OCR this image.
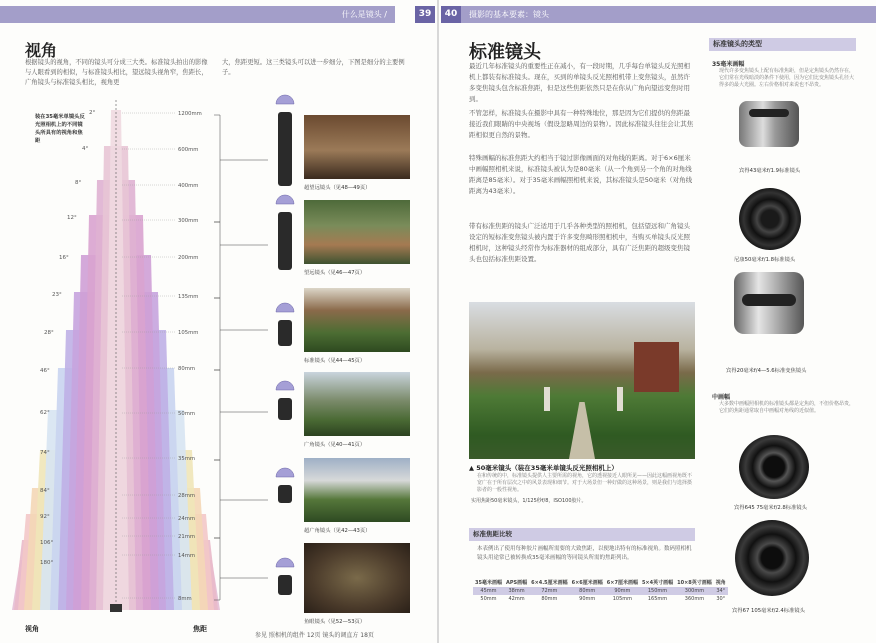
什么是镜头 /	39
视角
根据镜头的视角，不同的镜头可分成三大类。标准镜头拍出的影像与人眼看到的相似，与标准镜头相比，望远镜头视角窄，焦距长，广角镜头与标准镜头相比，视角更
大，焦距更短。这三类镜头可以进一步细分，下图是细分的主要例子。
装在35毫米单镜头反光照相机上的不同镜头所具有的视角和焦距
2°
4°
8°
12°
16°
23°
28°
46°
62°
74°
84°
92°
106°
180°
1200mm
600mm
400mm
300mm
200mm
135mm
105mm
80mm
50mm
35mm
28mm
24mm
21mm
14mm
8mm
超望远镜头（见48—49页）
望远镜头（见46—47页）
标准镜头（见44—45页）
广角镜头（见40—41页）
超广角镜头（见42—43页）
鱼眼镜头（见52—53页）
视角	焦距
参见 照相机的组件 12页 镜头的调直方 18页
40	摄影的基本要素：镜头
标准镜头
最近几年标准镜头的重要性正在减小，有一段时期，几乎每台单镜头反光照相机上都装有标准镜头。现在，买到的单镜头反光照相机带上变焦镜头，虽然许多变焦镜头包含标准焦距，但是这些焦距依然只是在你从广角向望远变焦时用到。
不管怎样，标准镜头在摄影中具有一种特殊地位，那是因为它们提供的焦距最接近我们眼睛的中央视场（假设忽略周边的景物）。因此标准镜头往往会让其焦距相似更自然的景物。
特殊画幅的标准焦距大约相当于镜过影像画面的对角线的距离。对于6×6厘米中画幅照相机来说，标准镜头被认为是80毫米（从一个角到另一个角的对角线距离是85毫米）。对于35毫米画幅照相机来说，其标准镜头是50毫米（对角线距离为43毫米）。
带有标准焦距的镜头广泛适用于几乎各种类型的照相机，包括望远和广角镜头设定的短标准变焦镜头被内置于许多变焦畸形照相机中，当购买单镜头反光照相机时，这种镜头经常作为标准器材的组成部分，具有广泛焦距的超级变焦镜头也包括标准焦距设置。
▲ 50毫米镜头（装在35毫米单镜头反光照相机上）
在和传统的中，标准镜头提供人主要所需的视角，它的透视接近人眼所见——因此这幅画视角既不宽广在于所有层次之中的风景表现和细节。对于大场景但一种好做的这种场景，则是我们与选择摄影者的一般性视角。
实用焦距50毫米镜头，1/125秒f/8，ISO100胶片。
标准焦距比较
本表例出了使用每种胶片画幅所需要的大致焦距，以便地出特有的标准视角。数码照相机镜头用途常已被转换成35毫米画幅的等同镜头所需的焦距列出。
35毫米画幅	APS画幅	6×4.5厘米画幅	6×6厘米画幅	6×7厘米画幅	5×4英寸画幅	10×8英寸画幅	视角
45mm	38mm	72mm	80mm	90mm	150mm	300mm	34°
50mm	42mm	80mm	90mm	105mm	165mm	360mm	30°
标准镜头的类型
35毫米画幅
现代许多变焦镜头上配有标准焦距，但是定焦镜头仍然存在，它们常在光线暗淡的条件下使用，因为它们比变焦镜头孔径大得多的最大光圈。左右价格相对来说也不昂贵。
宾得43毫米f/1.9标准镜头
尼康50毫米f/1.8标准镜头
宾得20毫米f/4—5.6标准变焦镜头
中画幅
大多数中画幅照相机的标准镜头都是定焦的，不但价格昂贵，它们的焦距通常取自中画幅对角线的近似值。
宾得645 75毫米f/2.8标准镜头
宾得67 105毫米f/2.4标准镜头
